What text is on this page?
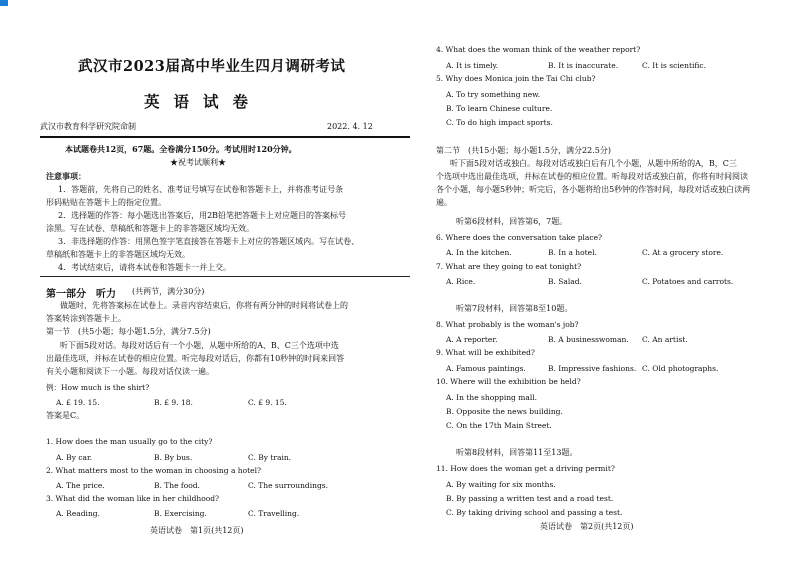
武汉市2023届高中毕业生四月调研考试
英语试卷
武汉市教育科学研究院命制	2022. 4. 12
本试题卷共12页，67题。全卷满分150分。考试用时120分钟。
★祝考试顺利★
注意事项：
1．答题前，先将自己的姓名、准考证号填写在试卷和答题卡上，并将准考证号条
形码粘贴在答题卡上的指定位置。
2．选择题的作答：每小题选出答案后，用2B铅笔把答题卡上对应题目的答案标号
涂黑。写在试卷、草稿纸和答题卡上的非答题区域均无效。
3．非选择题的作答：用黑色签字笔直接答在答题卡上对应的答题区域内。写在试卷、
草稿纸和答题卡上的非答题区域均无效。
4．考试结束后，请将本试卷和答题卡一并上交。
第一部分　听力 (共两节，满分30分)
做题时，先将答案标在试卷上。录音内容结束后，你将有两分钟的时间将试卷上的
答案转涂到答题卡上。
第一节　(共5小题；每小题1.5分，满分7.5分)
听下面5段对话。每段对话后有一个小题，从题中所给的A、B、C三个选项中选
出最佳选项，并标在试卷的相应位置。听完每段对话后，你都有10秒钟的时间来回答
有关小题和阅读下一小题。每段对话仅读一遍。
例：How much is the shirt?
A. £ 19. 15.	B. £ 9. 18.	C. £ 9. 15.
答案是C。
1. How does the man usually go to the city?
A. By car.	B. By bus.	C. By train.
2. What matters most to the woman in choosing a hotel?
A. The price.	B. The food.	C. The surroundings.
3. What did the woman like in her childhood?
A. Reading.	B. Exercising.	C. Travelling.
英语试卷　第1页(共12页)
4. What does the woman think of the weather report?
A. It is timely.	B. It is inaccurate.	C. It is scientific.
5. Why does Monica join the Tai Chi club?
A. To try something new.
B. To learn Chinese culture.
C. To do high impact sports.
第二节　(共15小题；每小题1.5分，满分22.5分)
听下面5段对话或独白。每段对话或独白后有几个小题，从题中所给的A，B，C三
个选项中选出最佳选项，并标在试卷的相应位置。听每段对话或独白前，你将有时间阅读
各个小题，每小题5秒钟；听完后，各小题将给出5秒钟的作答时间，每段对话或独白读两
遍。
听第6段材料，回答第6，7题。
6. Where does the conversation take place?
A. In the kitchen.	B. In a hotel.	C. At a grocery store.
7. What are they going to eat tonight?
A. Rice.	B. Salad.	C. Potatoes and carrots.
听第7段材料，回答第8至10题。
8. What probably is the woman's job?
A. A reporter.	B. A businesswoman. C. An artist.
9. What will be exhibited?
A. Famous paintings.	B. Impressive fashions. C. Old photographs.
10. Where will the exhibition be held?
A. In the shopping mall.
B. Opposite the news building.
C. On the 17th Main Street.
听第8段材料，回答第11至13题。
11. How does the woman get a driving permit?
A. By waiting for six months.
B. By passing a written test and a road test.
C. By taking driving school and passing a test.
英语试卷　第2页(共12页)
